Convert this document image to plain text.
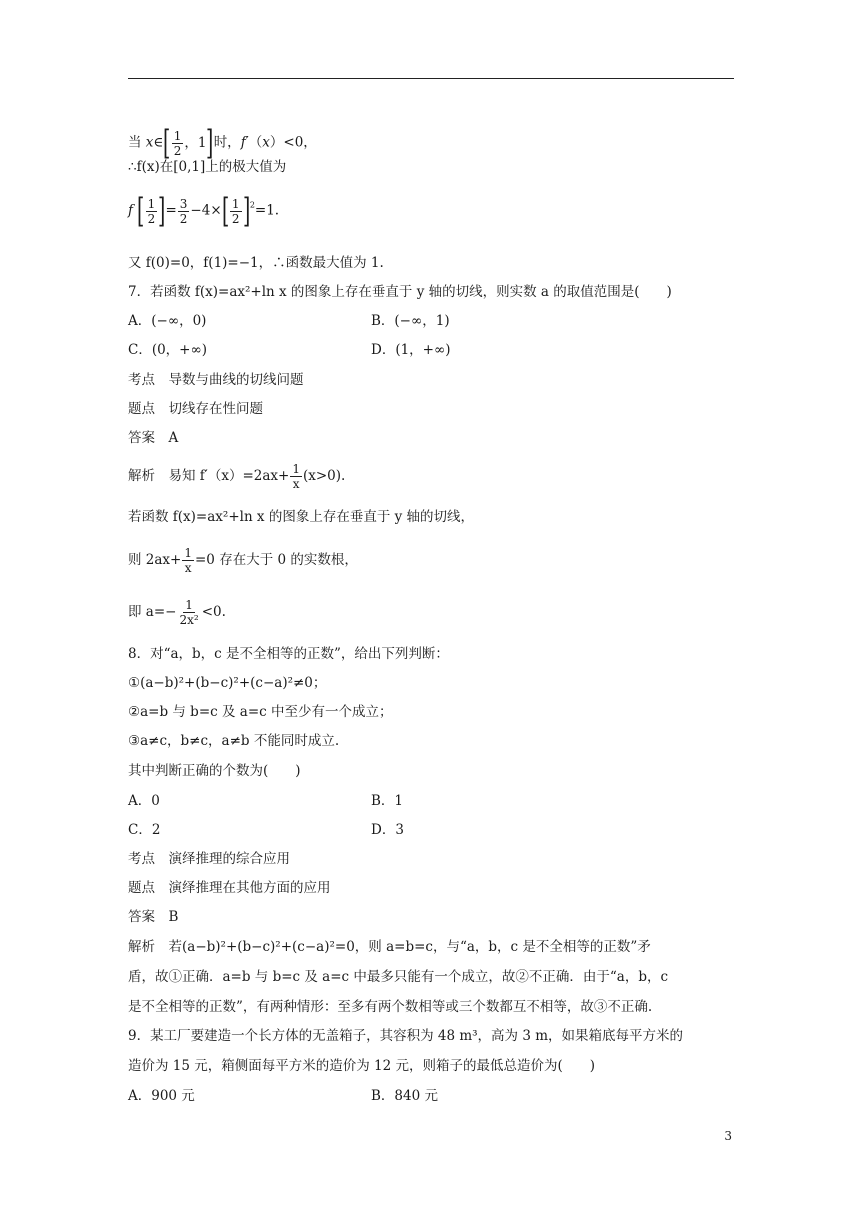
当 x∈ [ $\frac{1}{2}$ ，1 ] 时，f′（x）<0，
∴f(x)在[0,1]上的极大值为
f [ $\frac{1}{2}$ ] = $\frac{3}{2} -4\times$ [ $\frac{1}{2}$ ] $^2$=1.
又 f(0)=0，f(1)=−1，∴函数最大值为 1.
7．若函数 f(x)=ax²+ln x 的图象上存在垂直于 y 轴的切线，则实数 a 的取值范围是(　　)
A．(−∞，0)	B．(−∞，1)
C．(0，+∞)	D．(1，+∞)
考点　导数与曲线的切线问题
题点　切线存在性问题
答案　A
解析　易知 $f'(x)=2ax+ \frac{1}{x} (x>0)$.
若函数 f(x)=ax²+ln x 的图象上存在垂直于 y 轴的切线，
则 $2ax+ \frac{1}{x} =0$ 存在大于 0 的实数根，
即 $a=- \frac{1}{\text{2x²}} <0$.
8．对“a，b，c 是不全相等的正数”，给出下列判断：
①(a−b)²+(b−c)²+(c−a)²≠0；
②a=b 与 b=c 及 a=c 中至少有一个成立；
③a≠c，b≠c，a≠b 不能同时成立.
其中判断正确的个数为(　　)
A．0	B．1
C．2	D．3
考点　演绎推理的综合应用
题点　演绎推理在其他方面的应用
答案　B
解析　若(a−b)²+(b−c)²+(c−a)²=0，则 a=b=c，与“a，b，c 是不全相等的正数”矛
盾，故①正确．a=b 与 b=c 及 a=c 中最多只能有一个成立，故②不正确．由于“a，b，c
是不全相等的正数”，有两种情形：至多有两个数相等或三个数都互不相等，故③不正确.
9．某工厂要建造一个长方体的无盖箱子，其容积为 48 m³，高为 3 m，如果箱底每平方米的
造价为 15 元，箱侧面每平方米的造价为 12 元，则箱子的最低总造价为(　　)
A．900 元	B．840 元
3
